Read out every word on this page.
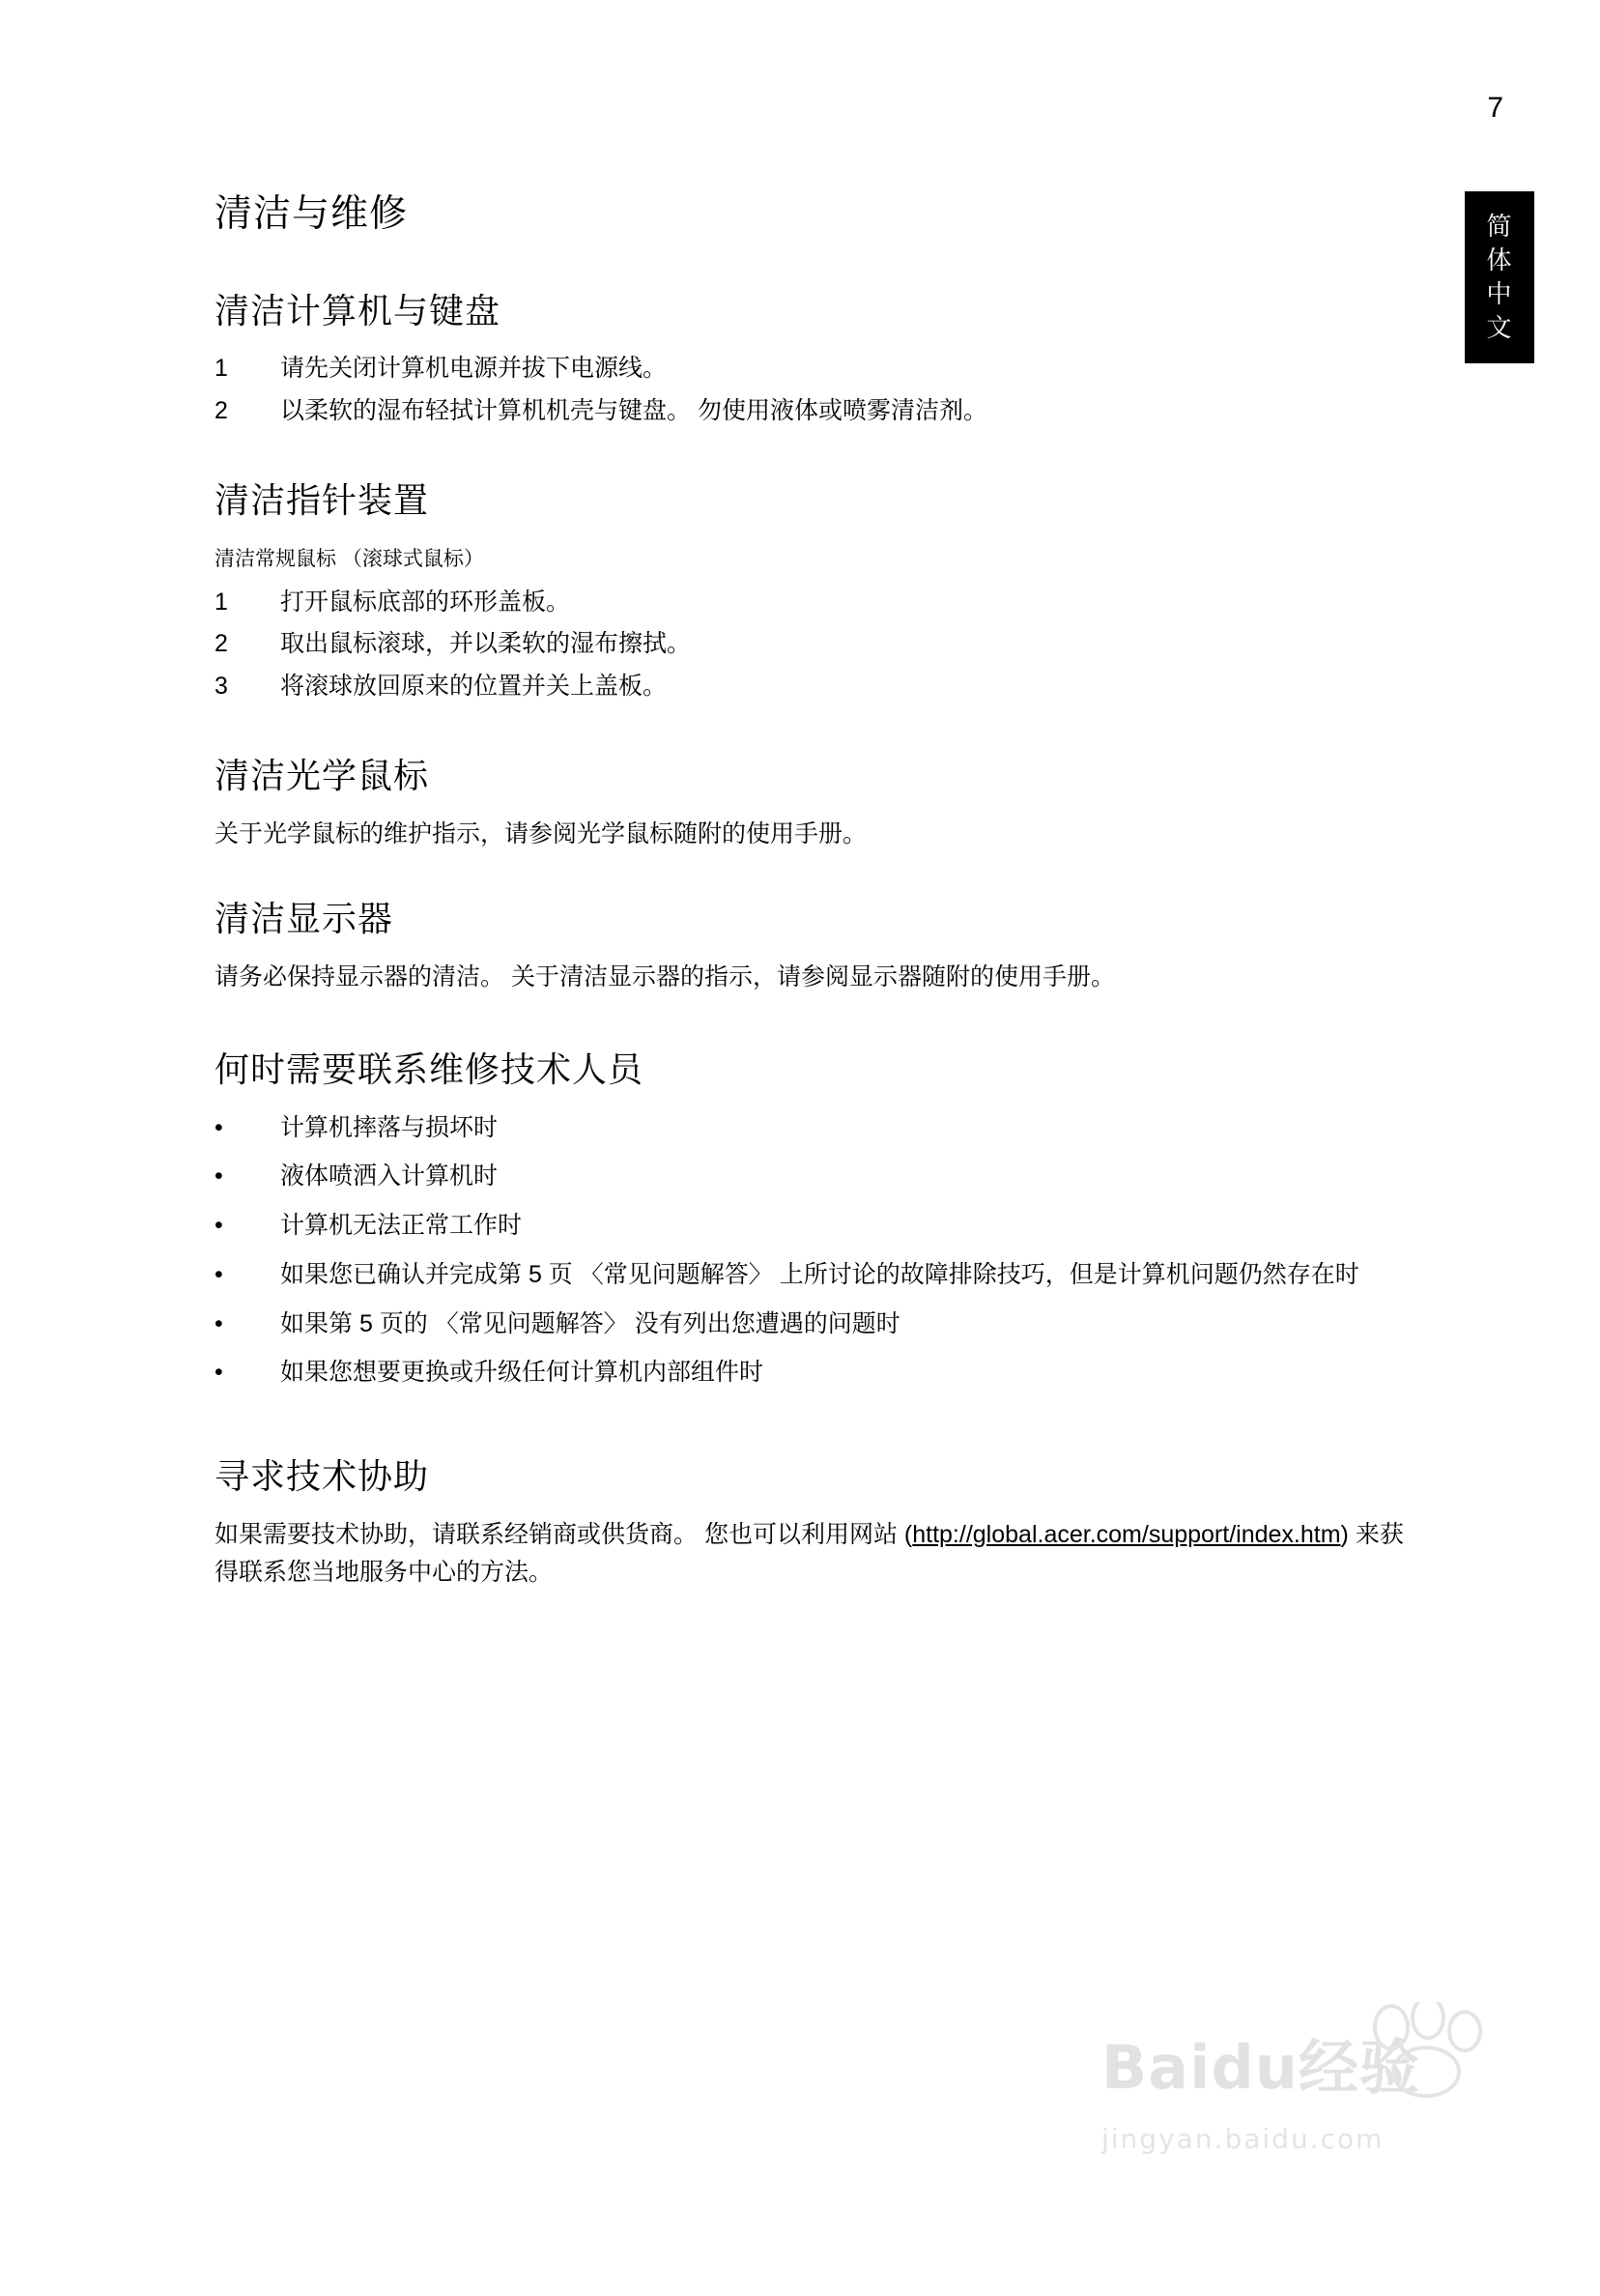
7
简
体
中
文
清洁与维修
清洁计算机与键盘
1	请先关闭计算机电源并拔下电源线。
2	以柔软的湿布轻拭计算机机壳与键盘。 勿使用液体或喷雾清洁剂。
清洁指针装置

清洁常规鼠标 （滚球式鼠标）

1	打开鼠标底部的环形盖板。
2	取出鼠标滚球，并以柔软的湿布擦拭。
3	将滚球放回原来的位置并关上盖板。
清洁光学鼠标

关于光学鼠标的维护指示，请参阅光学鼠标随附的使用手册。

清洁显示器

请务必保持显示器的清洁。 关于清洁显示器的指示，请参阅显示器随附的使用手册。

何时需要联系维修技术人员
•	计算机摔落与损坏时
•	液体喷洒入计算机时
•	计算机无法正常工作时
•	如果您已确认并完成第 5 页 〈常见问题解答〉 上所讨论的故障排除技巧，但是计算机问题仍然存在时
•	如果第 5 页的 〈常见问题解答〉 没有列出您遭遇的问题时
•	如果您想要更换或升级任何计算机内部组件时
寻求技术协助

如果需要技术协助，请联系经销商或供货商。 您也可以利用网站 (http://global.acer.com/support/index.htm) 来获得联系您当地服务中心的方法。

Baidu经验
jingyan.baidu.com
